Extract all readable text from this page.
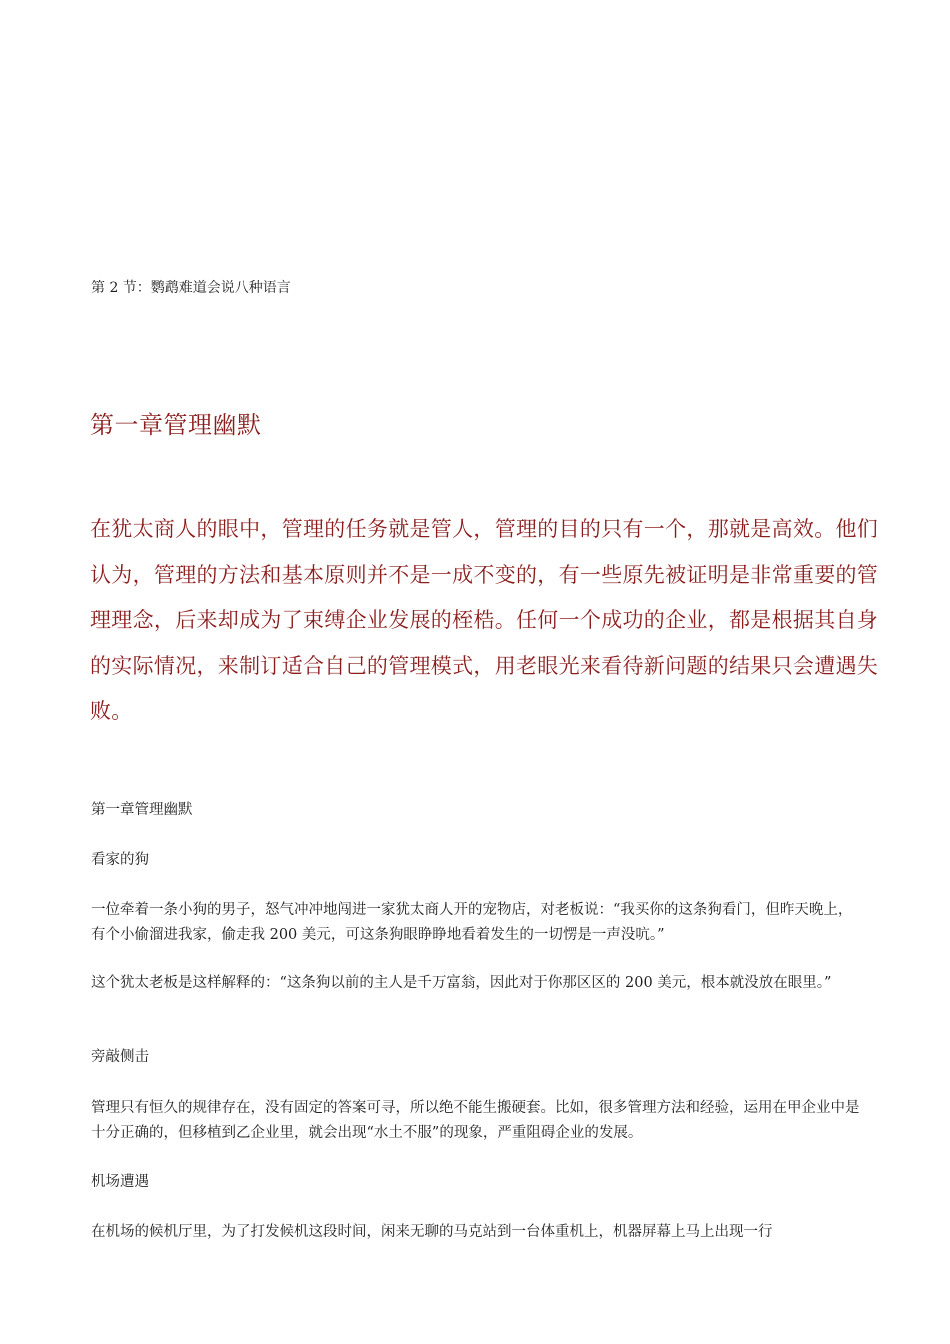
第 2 节：鹦鹉难道会说八种语言
第一章管理幽默
在犹太商人的眼中，管理的任务就是管人，管理的目的只有一个，那就是高效。他们认为，管理的方法和基本原则并不是一成不变的，有一些原先被证明是非常重要的管理理念，后来却成为了束缚企业发展的桎梏。任何一个成功的企业，都是根据其自身的实际情况，来制订适合自己的管理模式，用老眼光来看待新问题的结果只会遭遇失败。
第一章管理幽默
看家的狗
一位牵着一条小狗的男子，怒气冲冲地闯进一家犹太商人开的宠物店，对老板说：“我买你的这条狗看门，但昨天晚上，有个小偷溜进我家，偷走我 200 美元，可这条狗眼睁睁地看着发生的一切愣是一声没吭。”
这个犹太老板是这样解释的：“这条狗以前的主人是千万富翁，因此对于你那区区的 200 美元，根本就没放在眼里。”
旁敲侧击
管理只有恒久的规律存在，没有固定的答案可寻，所以绝不能生搬硬套。比如，很多管理方法和经验，运用在甲企业中是十分正确的，但移植到乙企业里，就会出现“水土不服”的现象，严重阻碍企业的发展。
机场遭遇
在机场的候机厅里，为了打发候机这段时间，闲来无聊的马克站到一台体重机上，机器屏幕上马上出现一行
